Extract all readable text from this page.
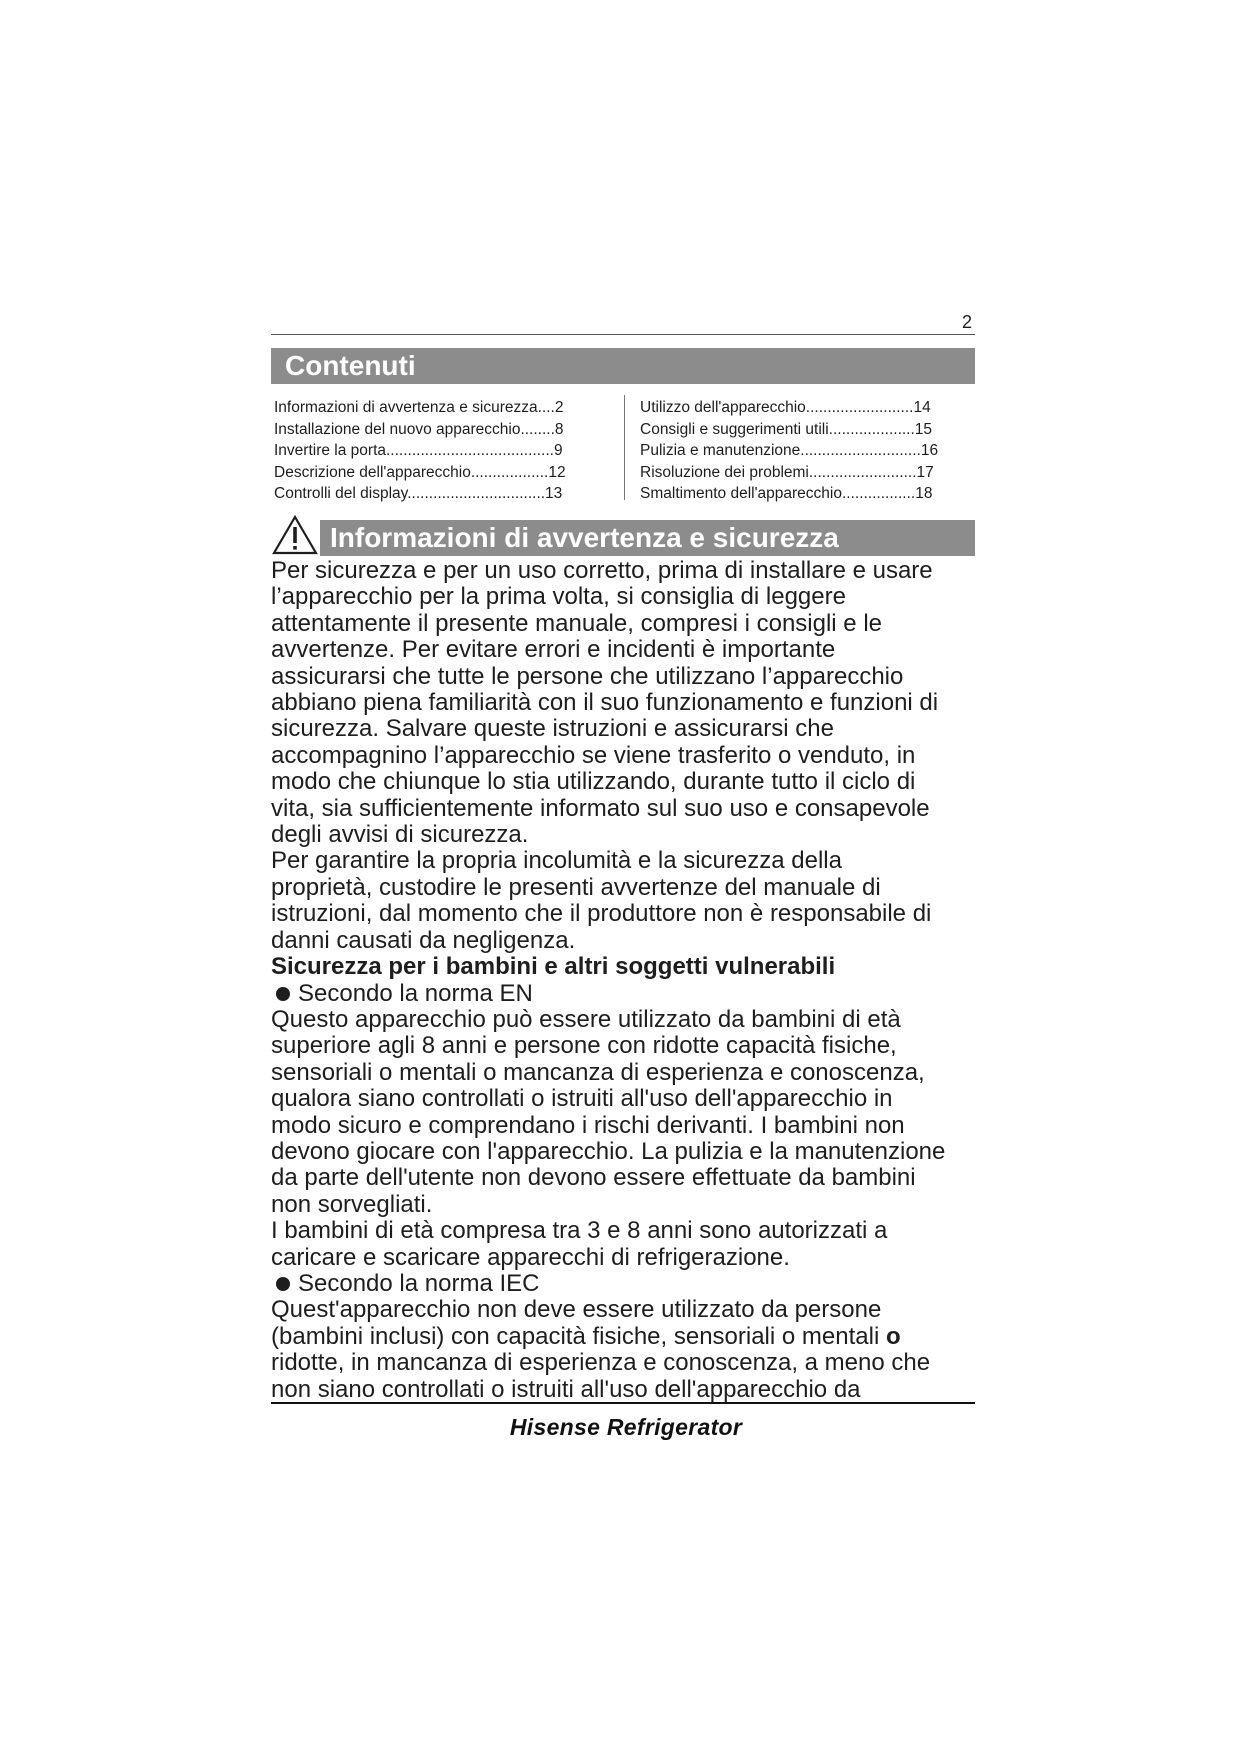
2
Contenuti
Informazioni di avvertenza e sicurezza....2
Installazione del nuovo apparecchio........8
Invertire la porta.......................................9
Descrizione dell'apparecchio..................12
Controlli del display................................13
Utilizzo dell'apparecchio.........................14
Consigli e suggerimenti utili....................15
Pulizia e manutenzione............................16
Risoluzione dei problemi.........................17
Smaltimento dell'apparecchio.................18
Informazioni di avvertenza e sicurezza

Per sicurezza e per un uso corretto, prima di installare e usare

l’apparecchio per la prima volta, si consiglia di leggere

attentamente il presente manuale, compresi i consigli e le

avvertenze. Per evitare errori e incidenti è importante

assicurarsi che tutte le persone che utilizzano l’apparecchio

abbiano piena familiarità con il suo funzionamento e funzioni di

sicurezza. Salvare queste istruzioni e assicurarsi che

accompagnino l’apparecchio se viene trasferito o venduto, in

modo che chiunque lo stia utilizzando, durante tutto il ciclo di

vita, sia sufficientemente informato sul suo uso e consapevole

degli avvisi di sicurezza.

Per garantire la propria incolumità e la sicurezza della

proprietà, custodire le presenti avvertenze del manuale di

istruzioni, dal momento che il produttore non è responsabile di

danni causati da negligenza.

Sicurezza per i bambini e altri soggetti vulnerabili

Secondo la norma EN

Questo apparecchio può essere utilizzato da bambini di età

superiore agli 8 anni e persone con ridotte capacità fisiche,

sensoriali o mentali o mancanza di esperienza e conoscenza,

qualora siano controllati o istruiti all'uso dell'apparecchio in

modo sicuro e comprendano i rischi derivanti. I bambini non

devono giocare con l'apparecchio. La pulizia e la manutenzione

da parte dell'utente non devono essere effettuate da bambini

non sorvegliati.

I bambini di età compresa tra 3 e 8 anni sono autorizzati a

caricare e scaricare apparecchi di refrigerazione.

Secondo la norma IEC

Quest'apparecchio non deve essere utilizzato da persone

(bambini inclusi) con capacità fisiche, sensoriali o mentali o

ridotte, in mancanza di esperienza e conoscenza, a meno che

non siano controllati o istruiti all'uso dell'apparecchio da

Hisense Refrigerator
